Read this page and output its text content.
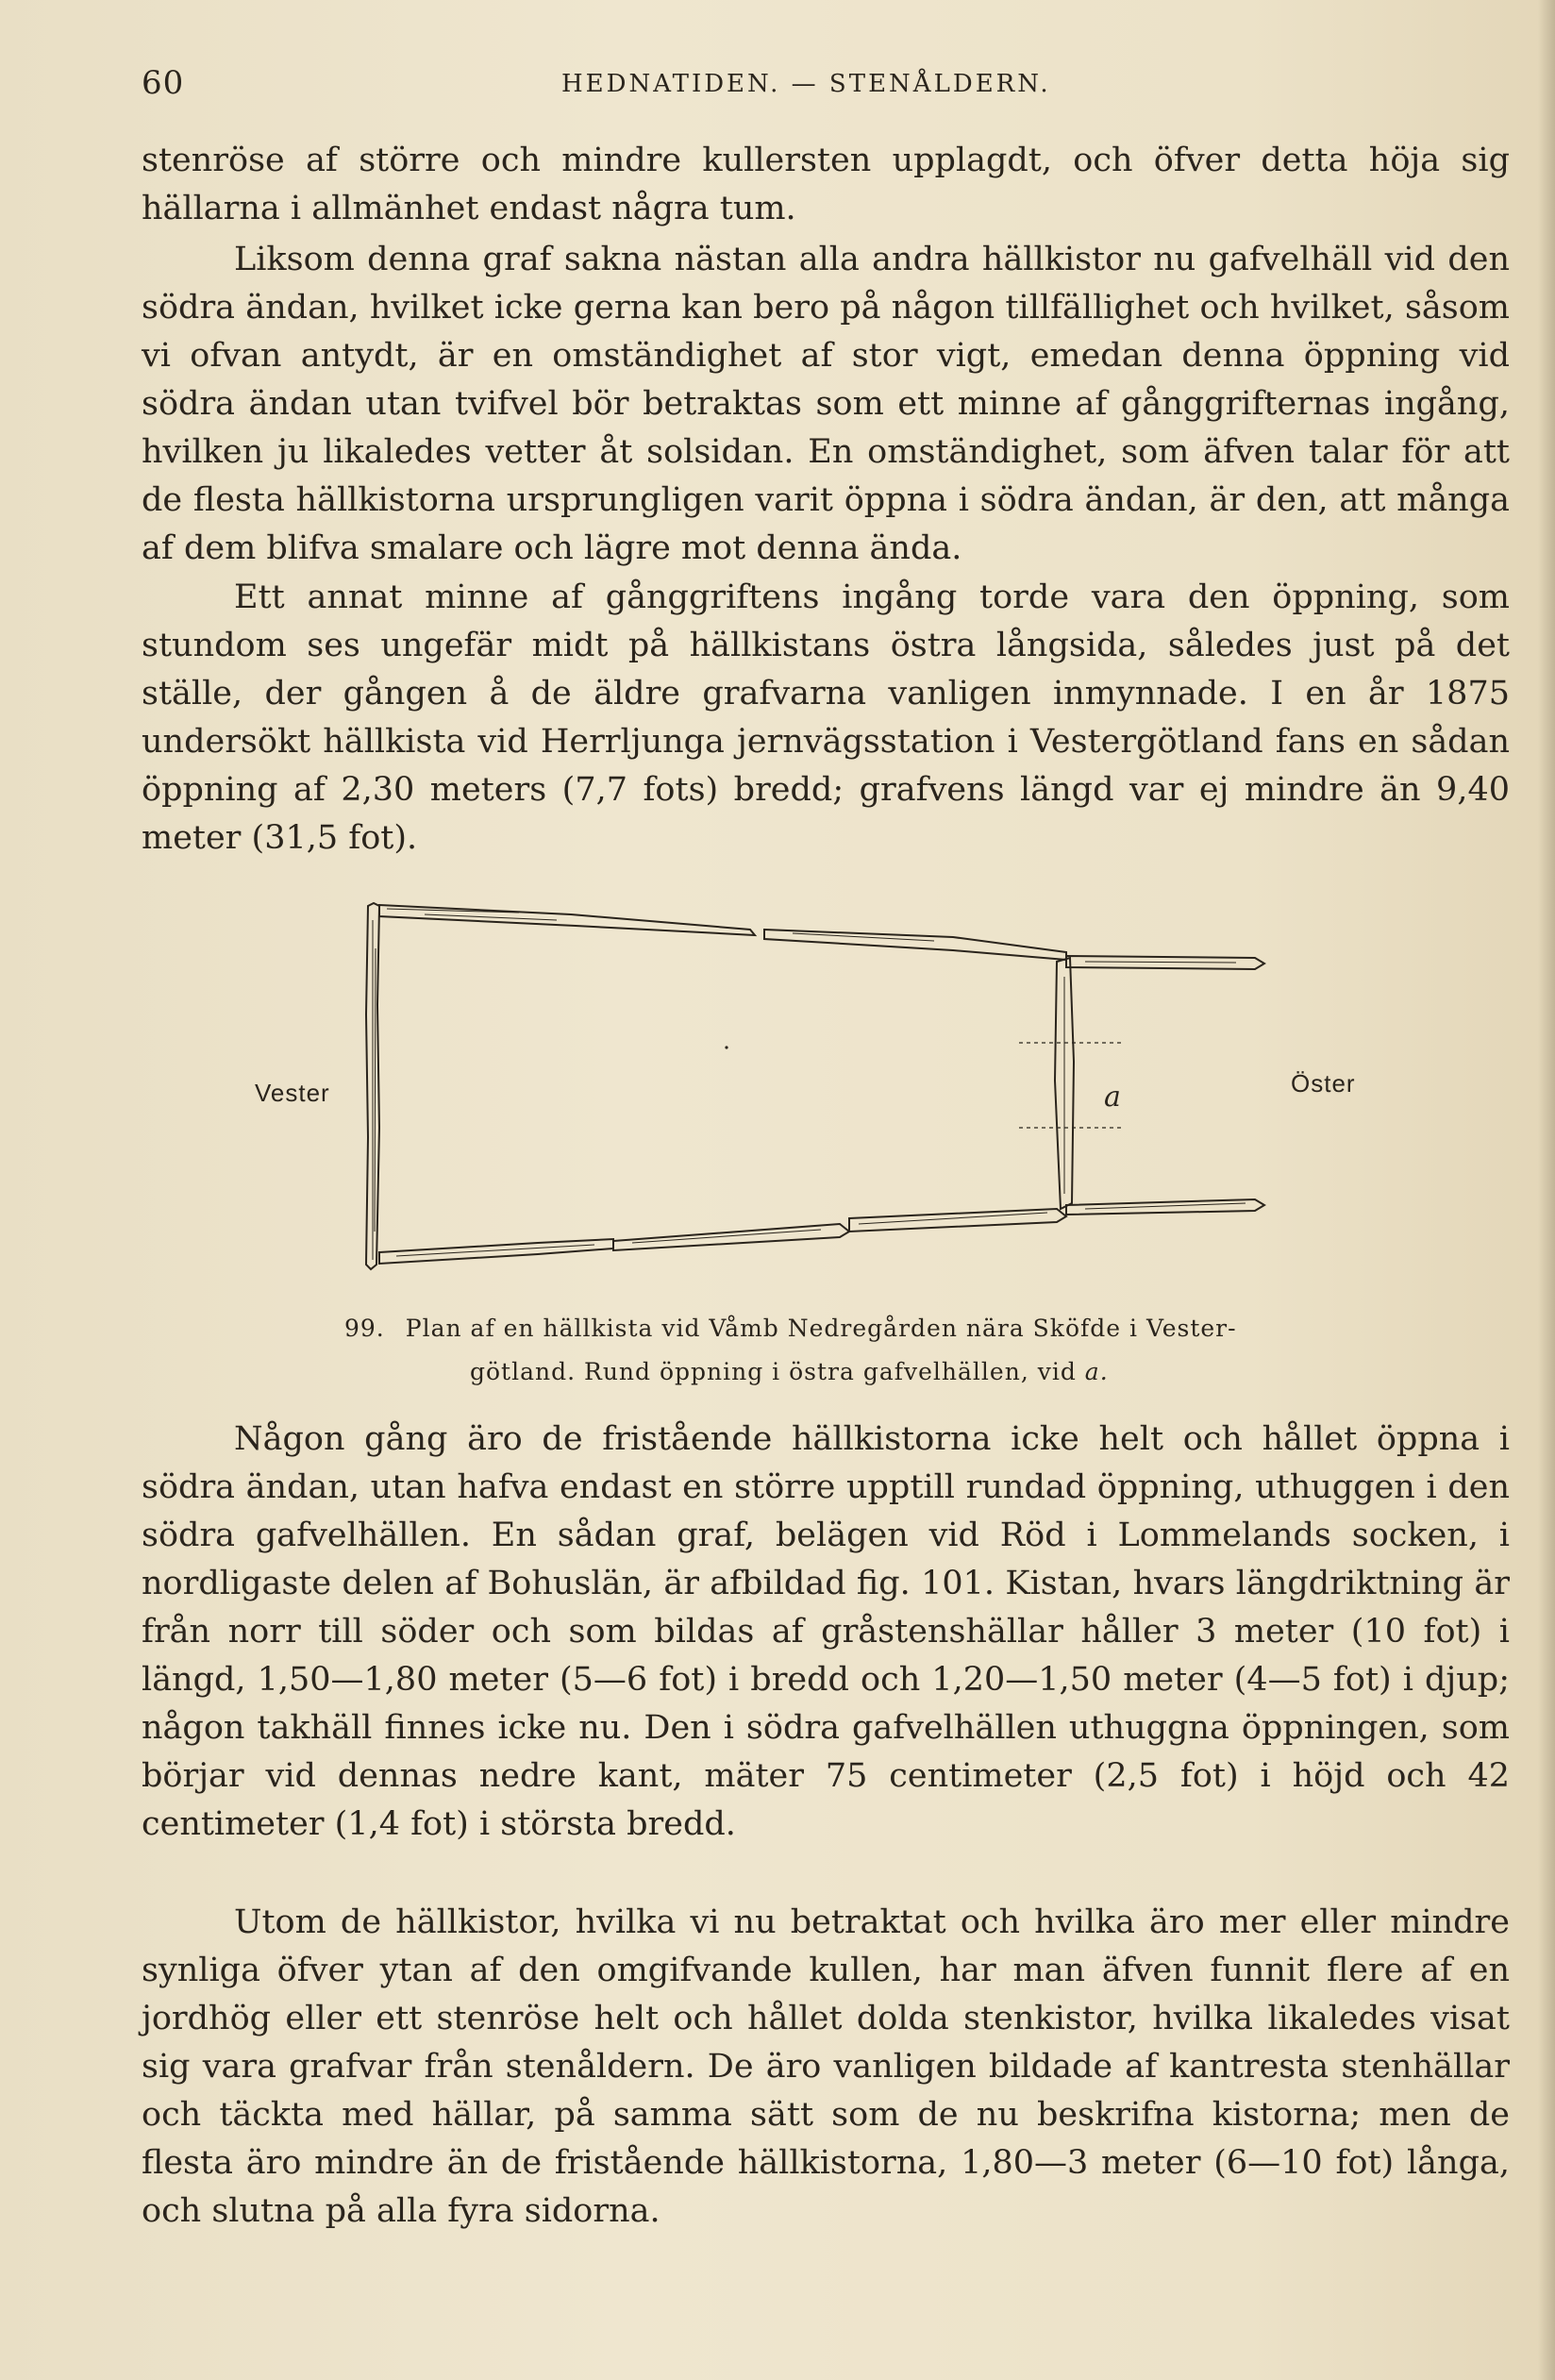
60	HEDNATIDEN. — STENÅLDERN.

stenröse af större och mindre kullersten upplagdt, och öfver detta höja sig hällarna i allmänhet endast några tum.

Liksom denna graf sakna nästan alla andra hällkistor nu gafvelhäll vid den södra ändan, hvilket icke gerna kan bero på någon tillfällighet och hvilket, såsom vi ofvan antydt, är en omständighet af stor vigt, emedan denna öppning vid södra ändan utan tvifvel bör betraktas som ett minne af gånggrifternas ingång, hvilken ju likaledes vetter åt solsidan. En omständighet, som äfven talar för att de flesta hällkistorna ursprungligen varit öppna i södra ändan, är den, att många af dem blifva smalare och lägre mot denna ända.

Ett annat minne af gånggriftens ingång torde vara den öppning, som stundom ses ungefär midt på hällkistans östra långsida, således just på det ställe, der gången å de äldre grafvarna vanligen inmynnade. I en år 1875 undersökt hällkista vid Herrljunga jernvägsstation i Vestergötland fans en sådan öppning af 2,30 meters (7,7 fots) bredd; grafvens längd var ej mindre än 9,40 meter (31,5 fot).

Vester	a	Öster
99. Plan af en hällkista vid Våmb Nedregården nära Sköfde i Vester-
götland. Rund öppning i östra gafvelhällen, vid a.

Någon gång äro de fristående hällkistorna icke helt och hållet öppna i södra ändan, utan hafva endast en större upptill rundad öppning, uthuggen i den södra gafvelhällen. En sådan graf, belägen vid Röd i Lommelands socken, i nordligaste delen af Bohuslän, är afbildad fig. 101. Kistan, hvars längdriktning är från norr till söder och som bildas af gråstenshällar håller 3 meter (10 fot) i längd, 1,50—1,80 meter (5—6 fot) i bredd och 1,20—1,50 meter (4—5 fot) i djup; någon takhäll finnes icke nu. Den i södra gafvelhällen uthuggna öppningen, som börjar vid dennas nedre kant, mäter 75 centimeter (2,5 fot) i höjd och 42 centimeter (1,4 fot) i största bredd.

Utom de hällkistor, hvilka vi nu betraktat och hvilka äro mer eller mindre synliga öfver ytan af den omgifvande kullen, har man äfven funnit flere af en jordhög eller ett stenröse helt och hållet dolda stenkistor, hvilka likaledes visat sig vara grafvar från stenåldern. De äro vanligen bildade af kantresta stenhällar och täckta med hällar, på samma sätt som de nu beskrifna kistorna; men de flesta äro mindre än de fristående hällkistorna, 1,80—3 meter (6—10 fot) långa, och slutna på alla fyra sidorna.
